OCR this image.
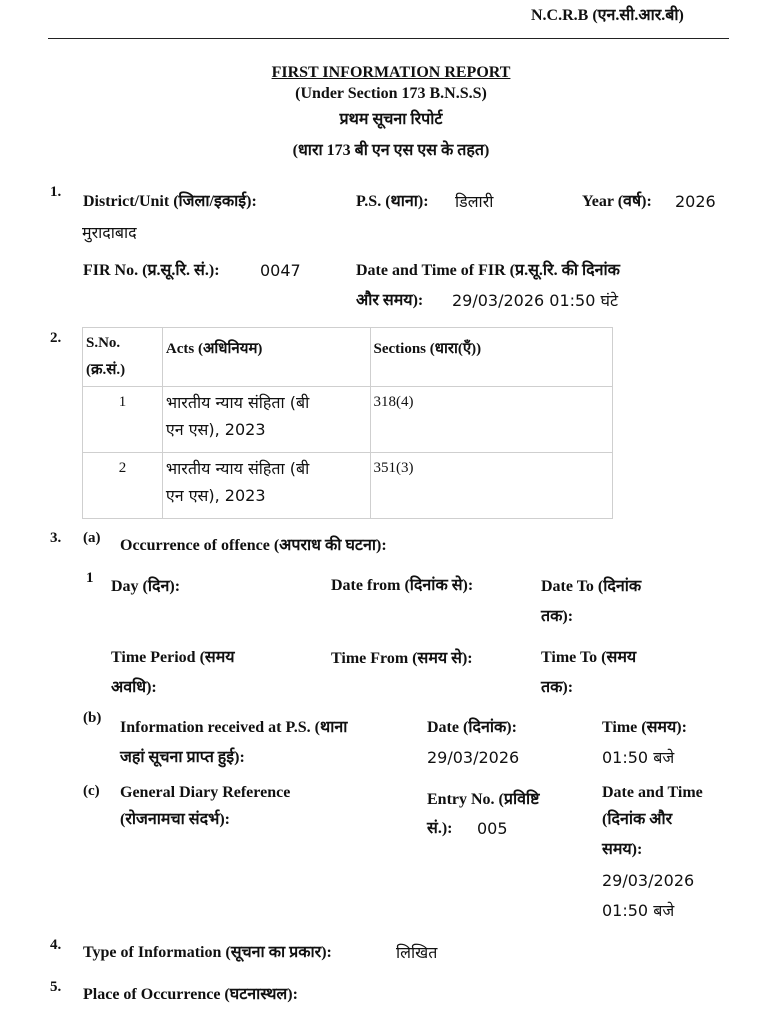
N.C.R.B (एन.सी.आर.बी)
FIRST INFORMATION REPORT
(Under Section 173 B.N.S.S)
प्रथम सूचना रिपोर्ट
(धारा 173 बी एन एस एस के तहत)
1.
District/Unit (जिला/इकाई):
मुरादाबाद
P.S. (थाना): डिलारी	Year (वर्ष): 2026
FIR No. (प्र.सू.रि. सं.):	0047	Date and Time of FIR (प्र.सू.रि. की दिनांक
और समय): 29/03/2026 01:50 घंटे
2. S.No.
(क्र.सं.)	Acts (अधिनियम)	Sections (धारा(एँ))
1	भारतीय न्याय संहिता (बी
एन एस), 2023	318(4)
2	भारतीय न्याय संहिता (बी
एन एस), 2023	351(3)
3. (a) Occurrence of offence (अपराध की घटना):
1 Day (दिन):	Date from (दिनांक से):	Date To (दिनांक
तक):
Time Period (समय
अवधि):
Time From (समय से):	Time To (समय
तक):
(b)
Information received at P.S. (थाना
जहां सूचना प्राप्त हुई):
Date (दिनांक):
29/03/2026
Time (समय):
01:50 बजे
(c) General Diary Reference
(रोजनामचा संदर्भ):
Entry No. (प्रविष्टि
सं.): 005
Date and Time
(दिनांक और
समय):
29/03/2026
01:50 बजे
4. Type of Information (सूचना का प्रकार):	लिखित
5. Place of Occurrence (घटनास्थल):
